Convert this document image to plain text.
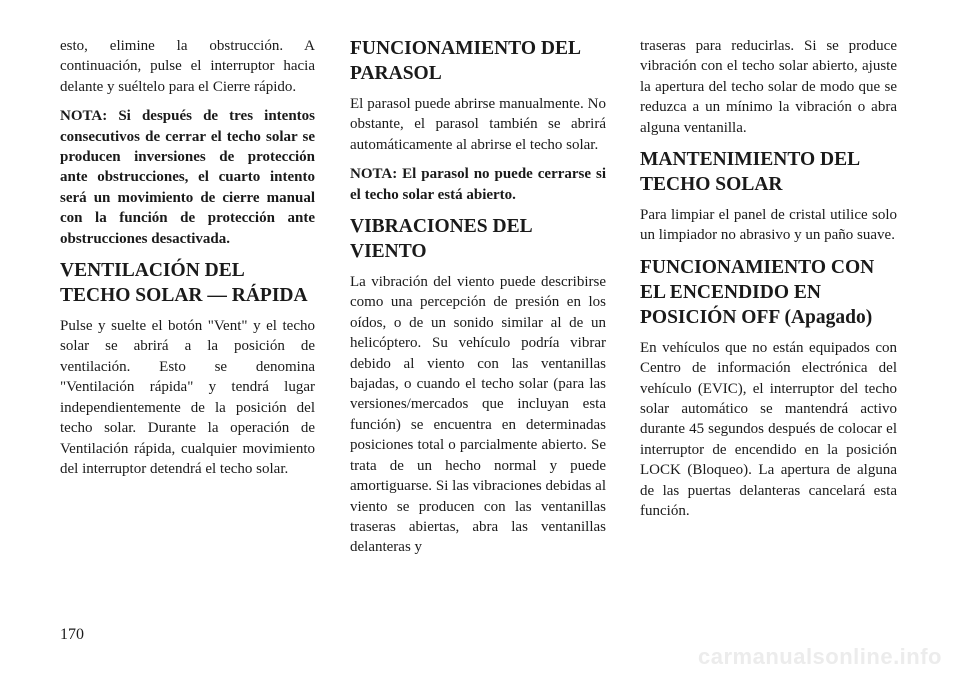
esto, elimine la obstrucción. A continuación, pulse el interruptor hacia delante y suéltelo para el Cierre rápido.

NOTA: Si después de tres intentos consecutivos de cerrar el techo solar se producen inversiones de protección ante obstrucciones, el cuarto intento será un movimiento de cierre manual con la función de protección ante obstrucciones desactivada.

VENTILACIÓN DEL TECHO SOLAR — RÁPIDA

Pulse y suelte el botón "Vent" y el techo solar se abrirá a la posición de ventilación. Esto se denomina "Ventilación rápida" y tendrá lugar independientemente de la posición del techo solar. Durante la operación de Ventilación rápida, cualquier movimiento del interruptor detendrá el techo solar.

FUNCIONAMIENTO DEL PARASOL

El parasol puede abrirse manualmente. No obstante, el parasol también se abrirá automáticamente al abrirse el techo solar.

NOTA: El parasol no puede cerrarse si el techo solar está abierto.

VIBRACIONES DEL VIENTO

La vibración del viento puede describirse como una percepción de presión en los oídos, o de un sonido similar al de un helicóptero. Su vehículo podría vibrar debido al viento con las ventanillas bajadas, o cuando el techo solar (para las versiones/mercados que incluyan esta función) se encuentra en determinadas posiciones total o parcialmente abierto. Se trata de un hecho normal y puede amortiguarse. Si las vibraciones debidas al viento se producen con las ventanillas traseras abiertas, abra las ventanillas delanteras y

traseras para reducirlas. Si se produce vibración con el techo solar abierto, ajuste la apertura del techo solar de modo que se reduzca a un mínimo la vibración o abra alguna ventanilla.

MANTENIMIENTO DEL TECHO SOLAR

Para limpiar el panel de cristal utilice solo un limpiador no abrasivo y un paño suave.

FUNCIONAMIENTO CON EL ENCENDIDO EN POSICIÓN OFF (Apagado)

En vehículos que no están equipados con Centro de información electrónica del vehículo (EVIC), el interruptor del techo solar automático se mantendrá activo durante 45 segundos después de colocar el interruptor de encendido en la posición LOCK (Bloqueo). La apertura de alguna de las puertas delanteras cancelará esta función.

170
carmanualsonline.info
